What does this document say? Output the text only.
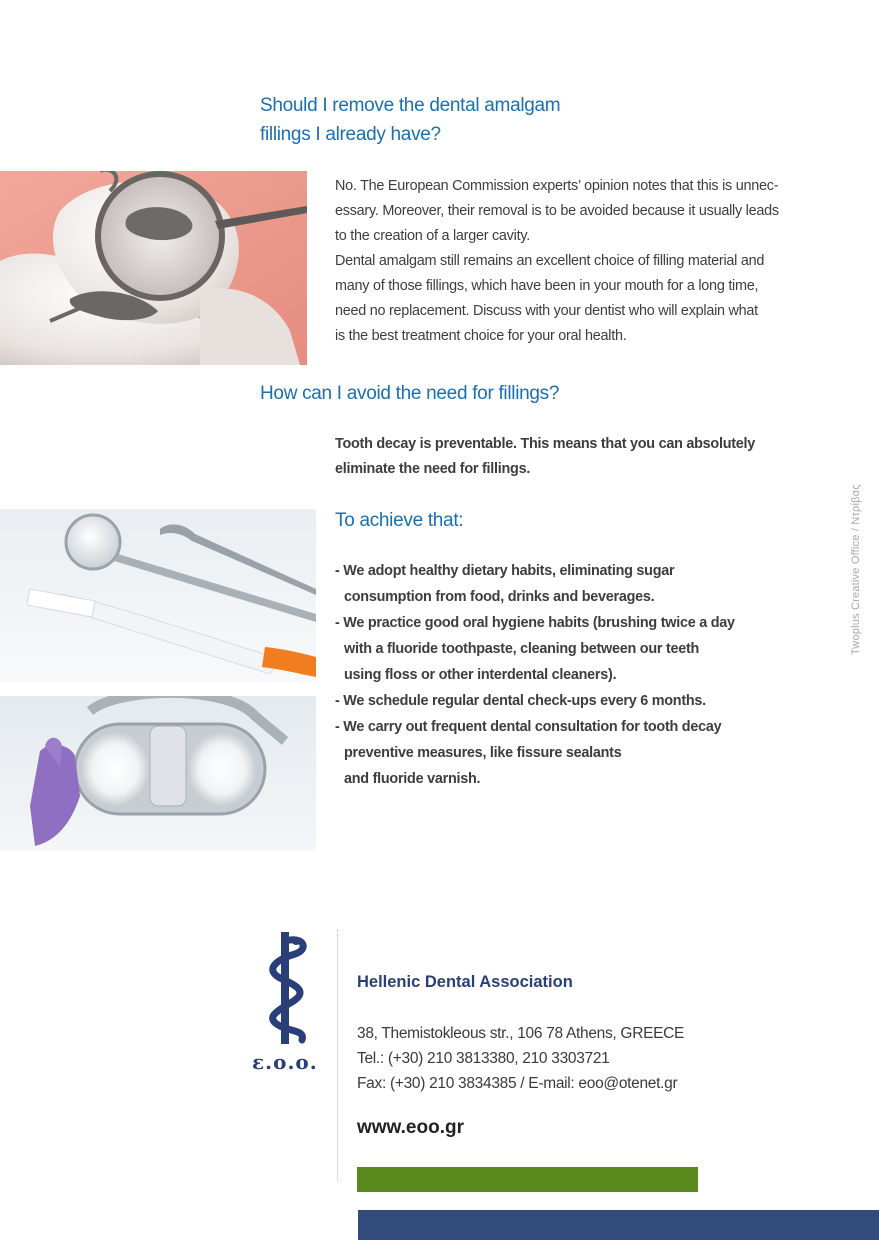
Should I remove the dental amalgam
fillings I already have?

No. The European Commission experts’ opinion notes that this is unnec-
essary. Moreover, their removal is to be avoided because it usually leads
to the creation of a larger cavity.

Dental amalgam still remains an excellent choice of filling material and
many of those fillings, which have been in your mouth for a long time,
need no replacement. Discuss with your dentist who will explain what
is the best treatment choice for your oral health.

How can I avoid the need for fillings?
Tooth decay is preventable. This means that you can absolutely
eliminate the need for fillings.
To achieve that:
- We adopt healthy dietary habits, eliminating sugar
consumption from food, drinks and beverages.
- We practice good oral hygiene habits (brushing twice a day
with a fluoride toothpaste, cleaning between our teeth
using floss or other interdental cleaners).
- We schedule regular dental check-ups every 6 months.
- We carry out frequent dental consultation for tooth decay
preventive measures, like fissure sealants
and fluoride varnish.
Twoplus Creative Office / Ντρίβας
ε.ο.ο.
Hellenic Dental Association
38, Themistokleous str., 106 78 Athens, GREECE
Tel.: (+30) 210 3813380, 210 3303721
Fax: (+30) 210 3834385 / E-mail: eoo@otenet.gr
www.eoo.gr
